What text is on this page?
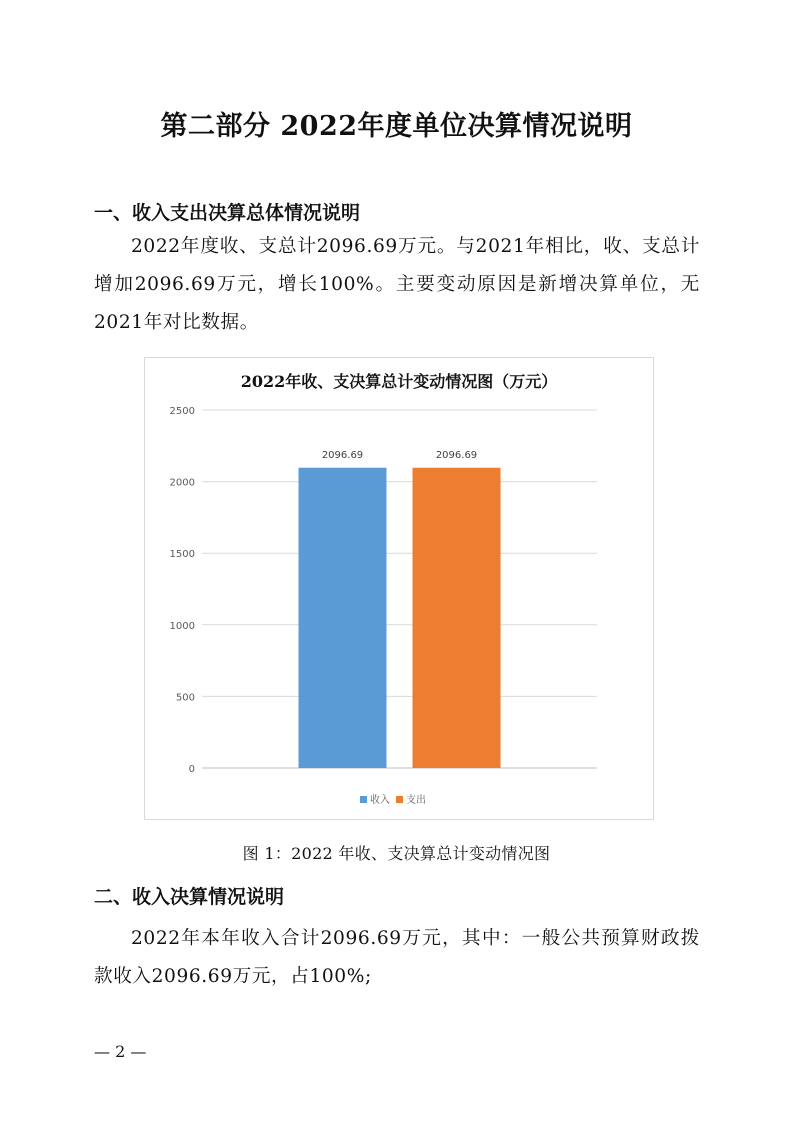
第二部分 2022年度单位决算情况说明
一、收入支出决算总体情况说明

2022年度收、支总计2096.69万元。与2021年相比，收、支总计增加2096.69万元，增长100%。主要变动原因是新增决算单位，无2021年对比数据。

2022年收、支决算总计变动情况图（万元）
0
500
1000
1500
2000
2500
2096.69	2096.69
收入 支出
图 1：2022 年收、支决算总计变动情况图
二、收入决算情况说明

2022年本年收入合计2096.69万元，其中：一般公共预算财政拨款收入2096.69万元，占100%;

— 2 —
